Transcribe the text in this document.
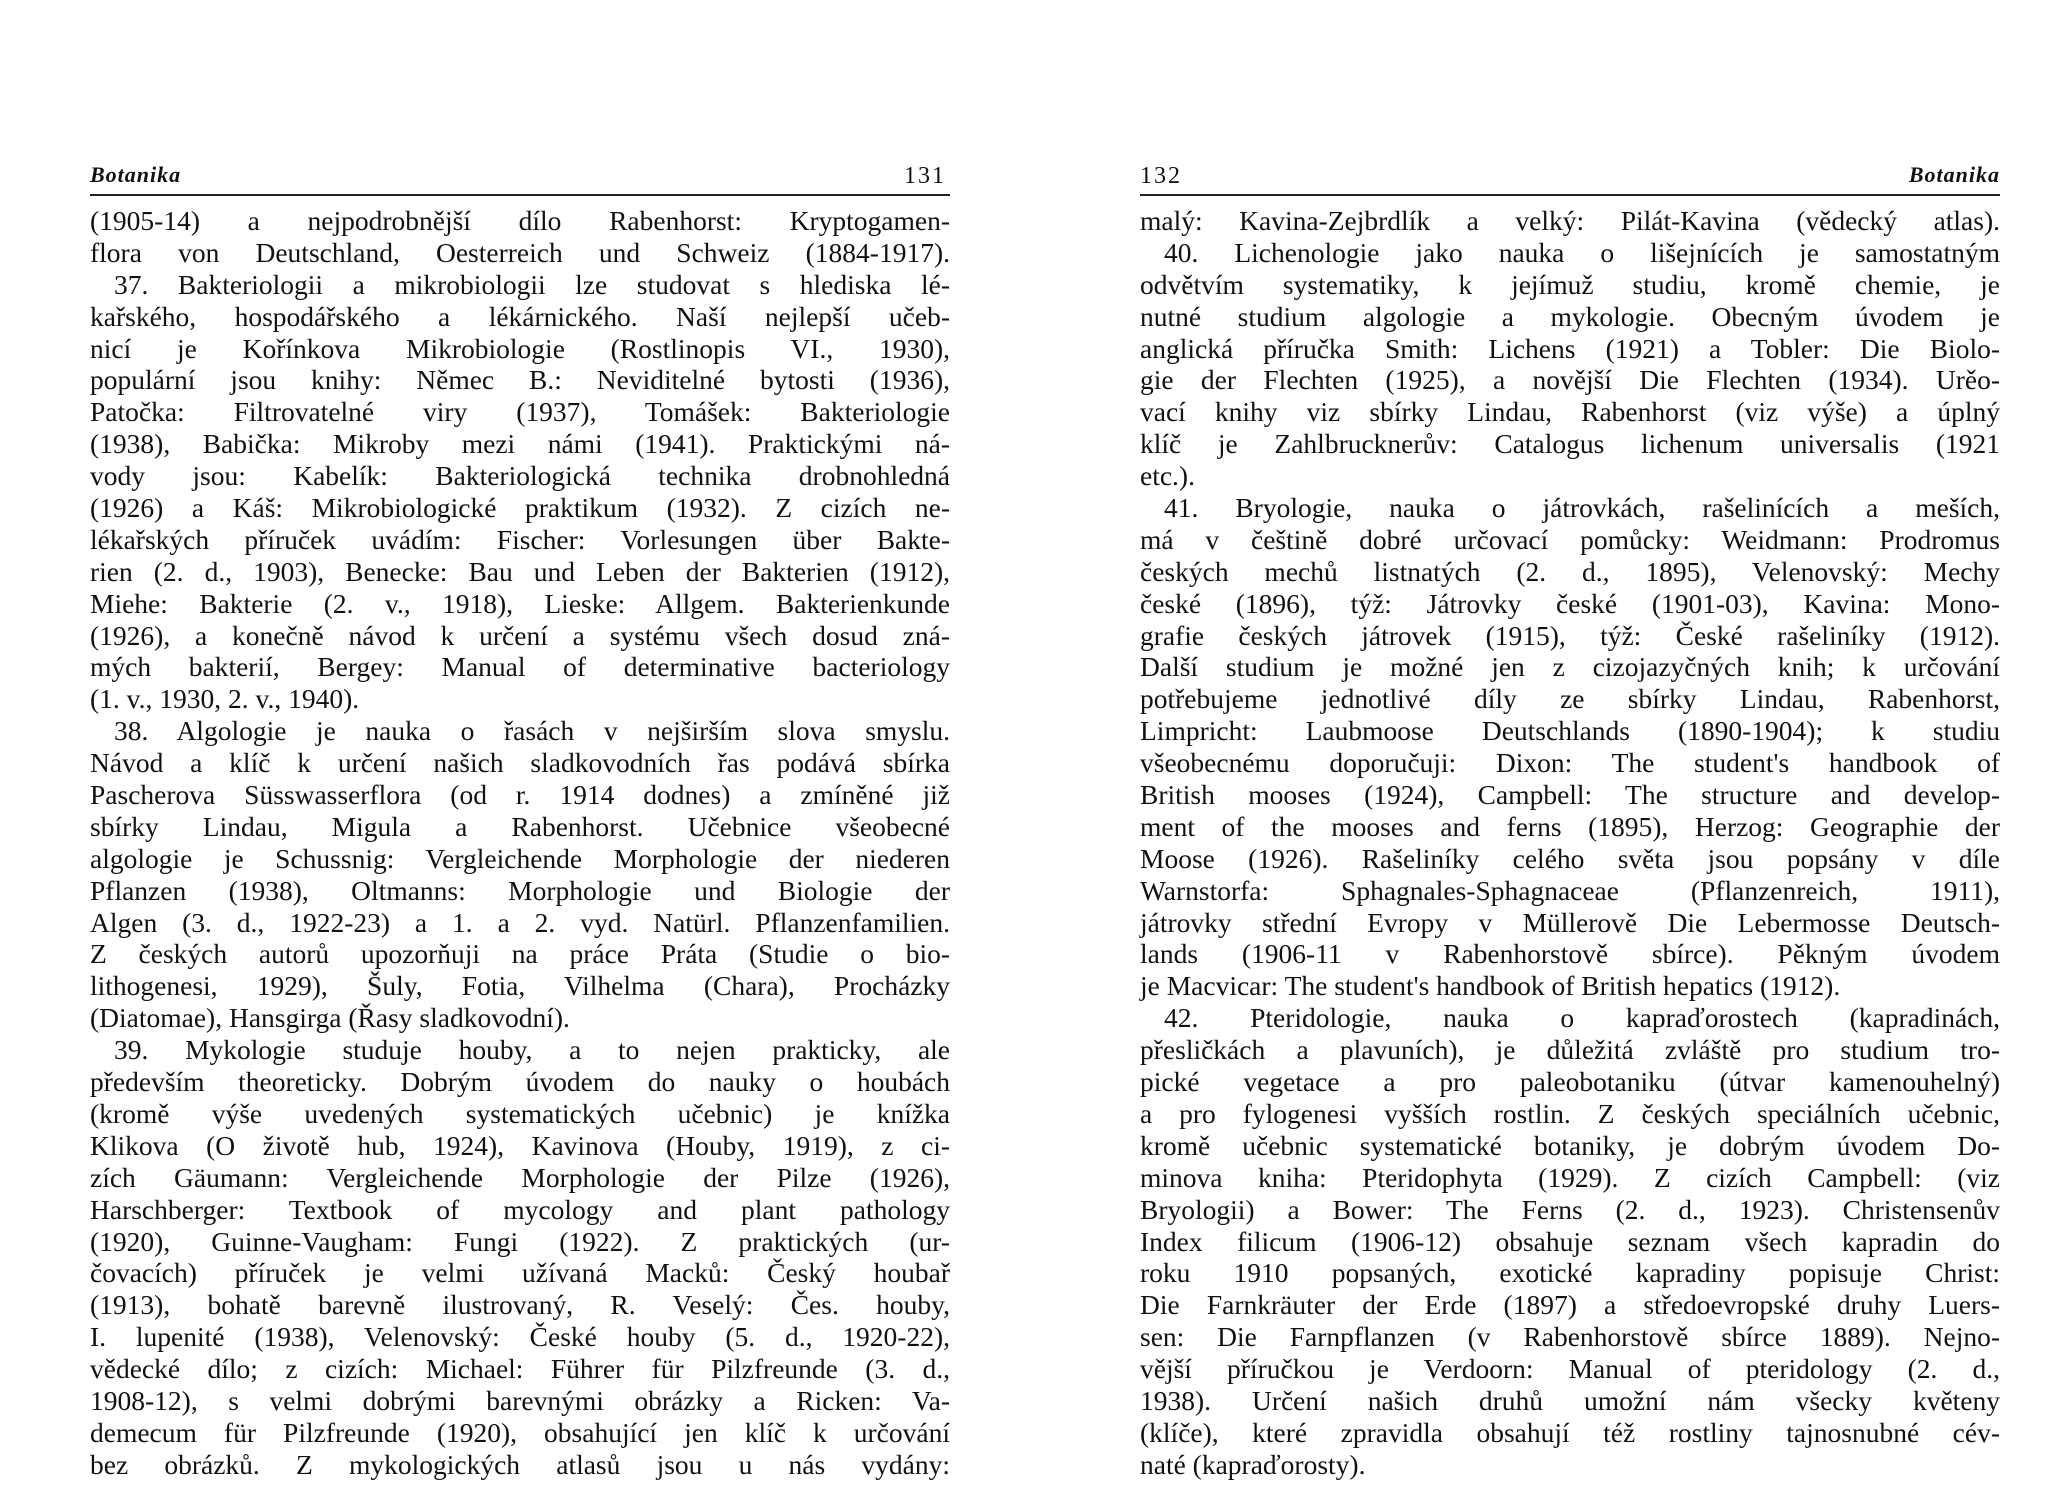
Botanika	131
(1905-14) a nejpodrobnější dílo Rabenhorst: Kryptogamen-
flora von Deutschland, Oesterreich und Schweiz (1884-1917).
37. Bakteriologii a mikrobiologii lze studovat s hlediska lé-
kařského, hospodářského a lékárnického. Naší nejlepší učeb-
nicí je Kořínkova Mikrobiologie (Rostlinopis VI., 1930),
populární jsou knihy: Němec B.: Neviditelné bytosti (1936),
Patočka: Filtrovatelné viry (1937), Tomášek: Bakteriologie
(1938), Babička: Mikroby mezi námi (1941). Praktickými ná-
vody jsou: Kabelík: Bakteriologická technika drobnohledná
(1926) a Káš: Mikrobiologické praktikum (1932). Z cizích ne-
lékařských příruček uvádím: Fischer: Vorlesungen über Bakte-
rien (2. d., 1903), Benecke: Bau und Leben der Bakterien (1912),
Miehe: Bakterie (2. v., 1918), Lieske: Allgem. Bakterienkunde
(1926), a konečně návod k určení a systému všech dosud zná-
mých bakterií, Bergey: Manual of determinative bacteriology
(1. v., 1930, 2. v., 1940).
38. Algologie je nauka o řasách v nejširším slova smyslu.
Návod a klíč k určení našich sladkovodních řas podává sbírka
Pascherova Süsswasserflora (od r. 1914 dodnes) a zmíněné již
sbírky Lindau, Migula a Rabenhorst. Učebnice všeobecné
algologie je Schussnig: Vergleichende Morphologie der niederen
Pflanzen (1938), Oltmanns: Morphologie und Biologie der
Algen (3. d., 1922-23) a 1. a 2. vyd. Natürl. Pflanzenfamilien.
Z českých autorů upozorňuji na práce Práta (Studie o bio-
lithogenesi, 1929), Šuly, Fotia, Vilhelma (Chara), Procházky
(Diatomae), Hansgirga (Řasy sladkovodní).
39. Mykologie studuje houby, a to nejen prakticky, ale
především theoreticky. Dobrým úvodem do nauky o houbách
(kromě výše uvedených systematických učebnic) je knížka
Klikova (O životě hub, 1924), Kavinova (Houby, 1919), z ci-
zích Gäumann: Vergleichende Morphologie der Pilze (1926),
Harschberger: Textbook of mycology and plant pathology
(1920), Guinne-Vaugham: Fungi (1922). Z praktických (ur-
čovacích) příruček je velmi užívaná Macků: Český houbař
(1913), bohatě barevně ilustrovaný, R. Veselý: Čes. houby,
I. lupenité (1938), Velenovský: České houby (5. d., 1920-22),
vědecké dílo; z cizích: Michael: Führer für Pilzfreunde (3. d.,
1908-12), s velmi dobrými barevnými obrázky a Ricken: Va-
demecum für Pilzfreunde (1920), obsahující jen klíč k určování
bez obrázků. Z mykologických atlasů jsou u nás vydány:
132	Botanika
malý: Kavina-Zejbrdlík a velký: Pilát-Kavina (vědecký atlas).
40. Lichenologie jako nauka o lišejnících je samostatným
odvětvím systematiky, k jejímuž studiu, kromě chemie, je
nutné studium algologie a mykologie. Obecným úvodem je
anglická příručka Smith: Lichens (1921) a Tobler: Die Biolo-
gie der Flechten (1925), a novější Die Flechten (1934). Urěo-
vací knihy viz sbírky Lindau, Rabenhorst (viz výše) a úplný
klíč je Zahlbrucknerův: Catalogus lichenum universalis (1921
etc.).
41. Bryologie, nauka o játrovkách, rašelinících a meších,
má v češtině dobré určovací pomůcky: Weidmann: Prodromus
českých mechů listnatých (2. d., 1895), Velenovský: Mechy
české (1896), týž: Játrovky české (1901-03), Kavina: Mono-
grafie českých játrovek (1915), týž: České rašeliníky (1912).
Další studium je možné jen z cizojazyčných knih; k určování
potřebujeme jednotlivé díly ze sbírky Lindau, Rabenhorst,
Limpricht: Laubmoose Deutschlands (1890-1904); k studiu
všeobecnému doporučuji: Dixon: The student's handbook of
British mooses (1924), Campbell: The structure and develop-
ment of the mooses and ferns (1895), Herzog: Geographie der
Moose (1926). Rašeliníky celého světa jsou popsány v díle
Warnstorfa: Sphagnales-Sphagnaceae (Pflanzenreich, 1911),
játrovky střední Evropy v Müllerově Die Lebermosse Deutsch-
lands (1906-11 v Rabenhorstově sbírce). Pěkným úvodem
je Macvicar: The student's handbook of British hepatics (1912).
42. Pteridologie, nauka o kapraďorostech (kapradinách,
přesličkách a plavuních), je důležitá zvláště pro studium tro-
pické vegetace a pro paleobotaniku (útvar kamenouhelný)
a pro fylogenesi vyšších rostlin. Z českých speciálních učebnic,
kromě učebnic systematické botaniky, je dobrým úvodem Do-
minova kniha: Pteridophyta (1929). Z cizích Campbell: (viz
Bryologii) a Bower: The Ferns (2. d., 1923). Christensenův
Index filicum (1906-12) obsahuje seznam všech kapradin do
roku 1910 popsaných, exotické kapradiny popisuje Christ:
Die Farnkräuter der Erde (1897) a středoevropské druhy Luers-
sen: Die Farnpflanzen (v Rabenhorstově sbírce 1889). Nejno-
vější příručkou je Verdoorn: Manual of pteridology (2. d.,
1938). Určení našich druhů umožní nám všecky květeny
(klíče), které zpravidla obsahují též rostliny tajnosnubné cév-
naté (kapraďorosty).
